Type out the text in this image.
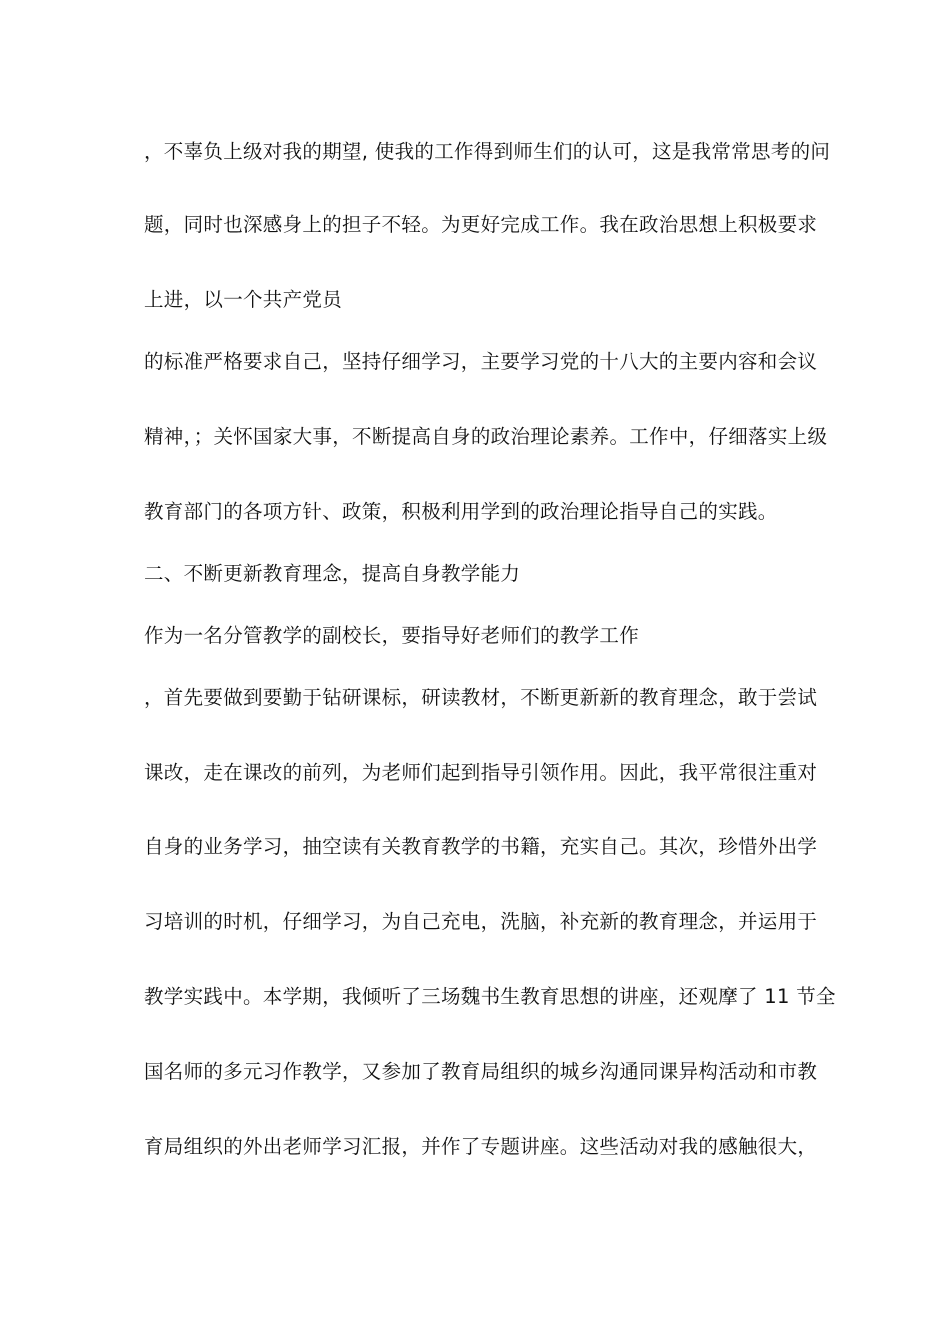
，不辜负上级对我的期望, 使我的工作得到师生们的认可，这是我常常思考的问
题，同时也深感身上的担子不轻。为更好完成工作。我在政治思想上积极要求
上进，以一个共产党员
的标准严格要求自己，坚持仔细学习，主要学习党的十八大的主要内容和会议
精神，；关怀国家大事，不断提高自身的政治理论素养。工作中，仔细落实上级
教育部门的各项方针、政策，积极利用学到的政治理论指导自己的实践。
二、不断更新教育理念，提高自身教学能力
作为一名分管教学的副校长，要指导好老师们的教学工作
，首先要做到要勤于钻研课标，研读教材，不断更新新的教育理念，敢于尝试
课改，走在课改的前列，为老师们起到指导引领作用。因此，我平常很注重对
自身的业务学习，抽空读有关教育教学的书籍，充实自己。其次，珍惜外出学
习培训的时机，仔细学习，为自己充电，洗脑，补充新的教育理念，并运用于
教学实践中。本学期，我倾听了三场魏书生教育思想的讲座，还观摩了 11 节全
国名师的多元习作教学，又参加了教育局组织的城乡沟通同课异构活动和市教
育局组织的外出老师学习汇报，并作了专题讲座。这些活动对我的感触很大，
